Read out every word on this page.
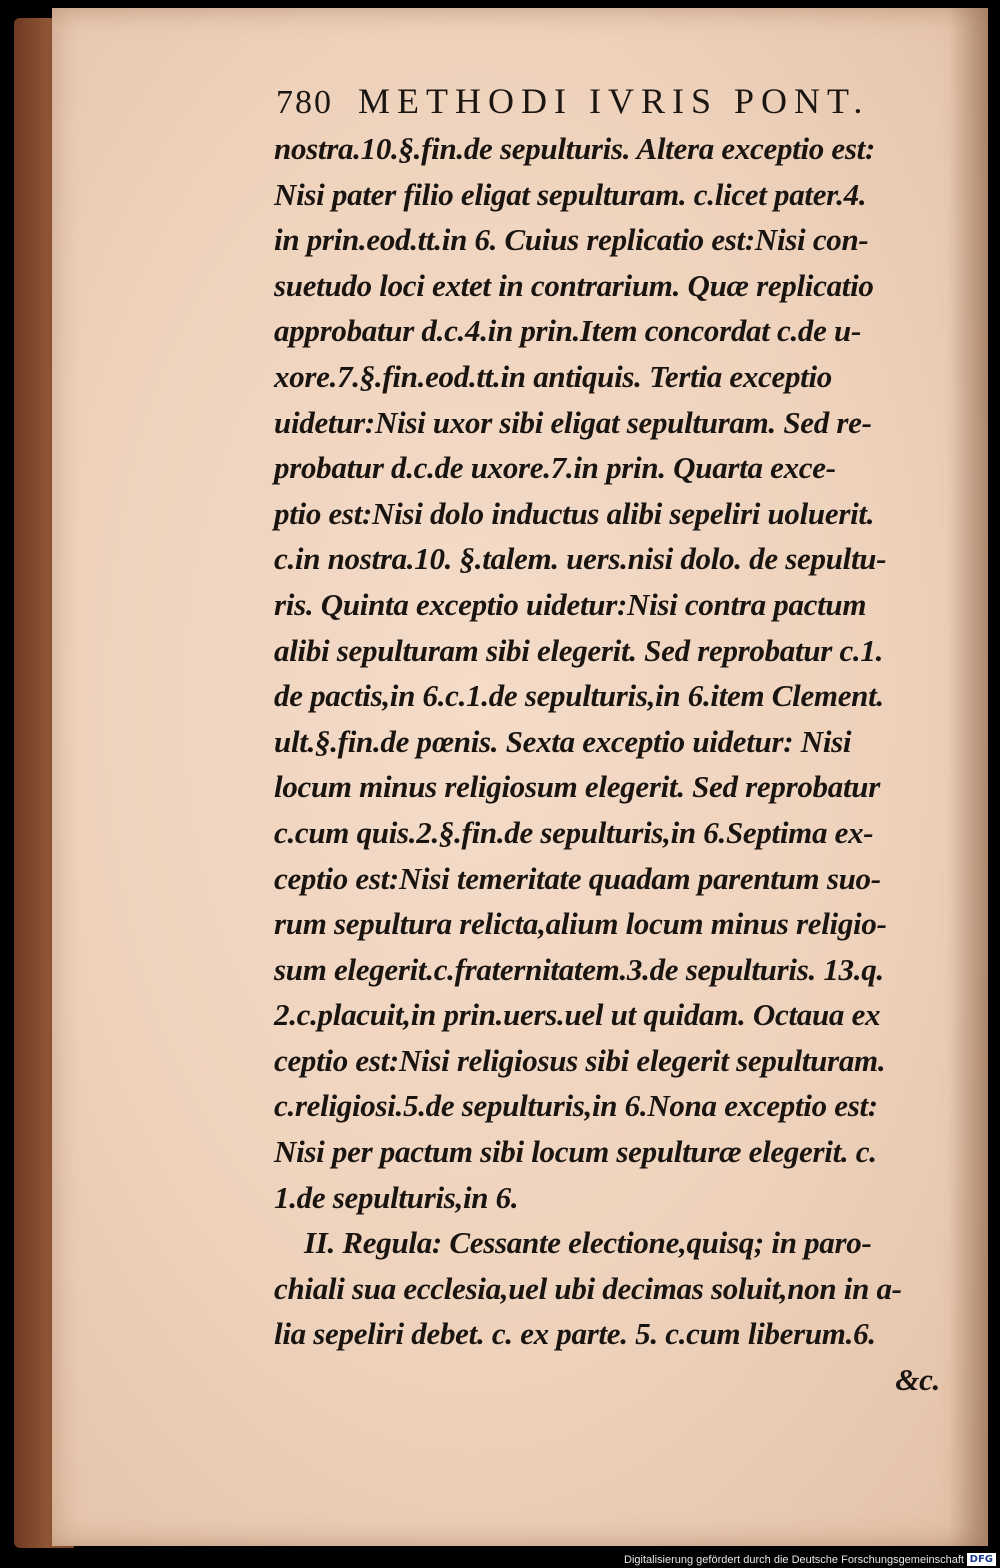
780 METHODI IVRIS PONT.
nostra.10.§.fin.de sepulturis. Altera exceptio est:
Nisi pater filio eligat sepulturam. c.licet pater.4.
in prin.eod.tt.in 6. Cuius replicatio est:Nisi con-
suetudo loci extet in contrarium. Quæ replicatio
approbatur d.c.4.in prin.Item concordat c.de u-
xore.7.§.fin.eod.tt.in antiquis. Tertia exceptio
uidetur:Nisi uxor sibi eligat sepulturam. Sed re-
probatur d.c.de uxore.7.in prin. Quarta exce-
ptio est:Nisi dolo inductus alibi sepeliri uoluerit.
c.in nostra.10. §.talem. uers.nisi dolo. de sepultu-
ris. Quinta exceptio uidetur:Nisi contra pactum
alibi sepulturam sibi elegerit. Sed reprobatur c.1.
de pactis,in 6.c.1.de sepulturis,in 6.item Clement.
ult.§.fin.de pœnis. Sexta exceptio uidetur: Nisi
locum minus religiosum elegerit. Sed reprobatur
c.cum quis.2.§.fin.de sepulturis,in 6.Septima ex-
ceptio est:Nisi temeritate quadam parentum suo-
rum sepultura relicta,alium locum minus religio-
sum elegerit.c.fraternitatem.3.de sepulturis. 13.q.
2.c.placuit,in prin.uers.uel ut quidam. Octaua ex
ceptio est:Nisi religiosus sibi elegerit sepulturam.
c.religiosi.5.de sepulturis,in 6.Nona exceptio est:
Nisi per pactum sibi locum sepulturæ elegerit. c.
1.de sepulturis,in 6.
II. Regula: Cessante electione,quisq; in paro-
chiali sua ecclesia,uel ubi decimas soluit,non in a-
lia sepeliri debet. c. ex parte. 5. c.cum liberum.6.
&c.
Digitalisierung gefördert durch die Deutsche Forschungsgemeinschaft DFG
